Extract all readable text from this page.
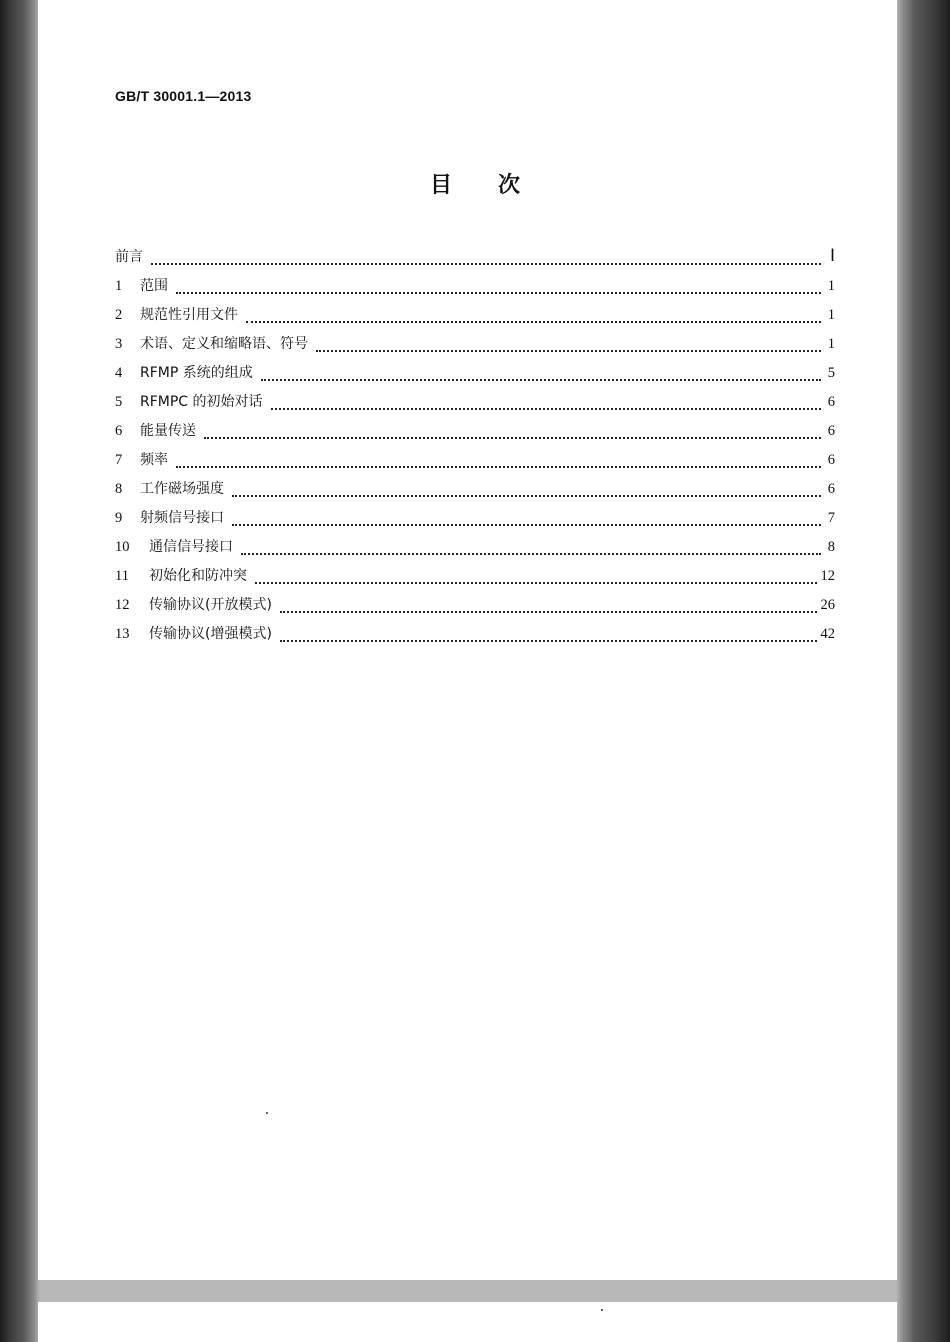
GB/T 30001.1—2013
目次
前言	Ⅰ
1	范围	1
2	规范性引用文件	1
3	术语、定义和缩略语、符号	1
4	RFMP 系统的组成	5
5	RFMPC 的初始对话	6
6	能量传送	6
7	频率	6
8	工作磁场强度	6
9	射频信号接口	7
10	通信信号接口	8
11	初始化和防冲突	12
12	传输协议(开放模式)	26
13	传输协议(增强模式)	42
